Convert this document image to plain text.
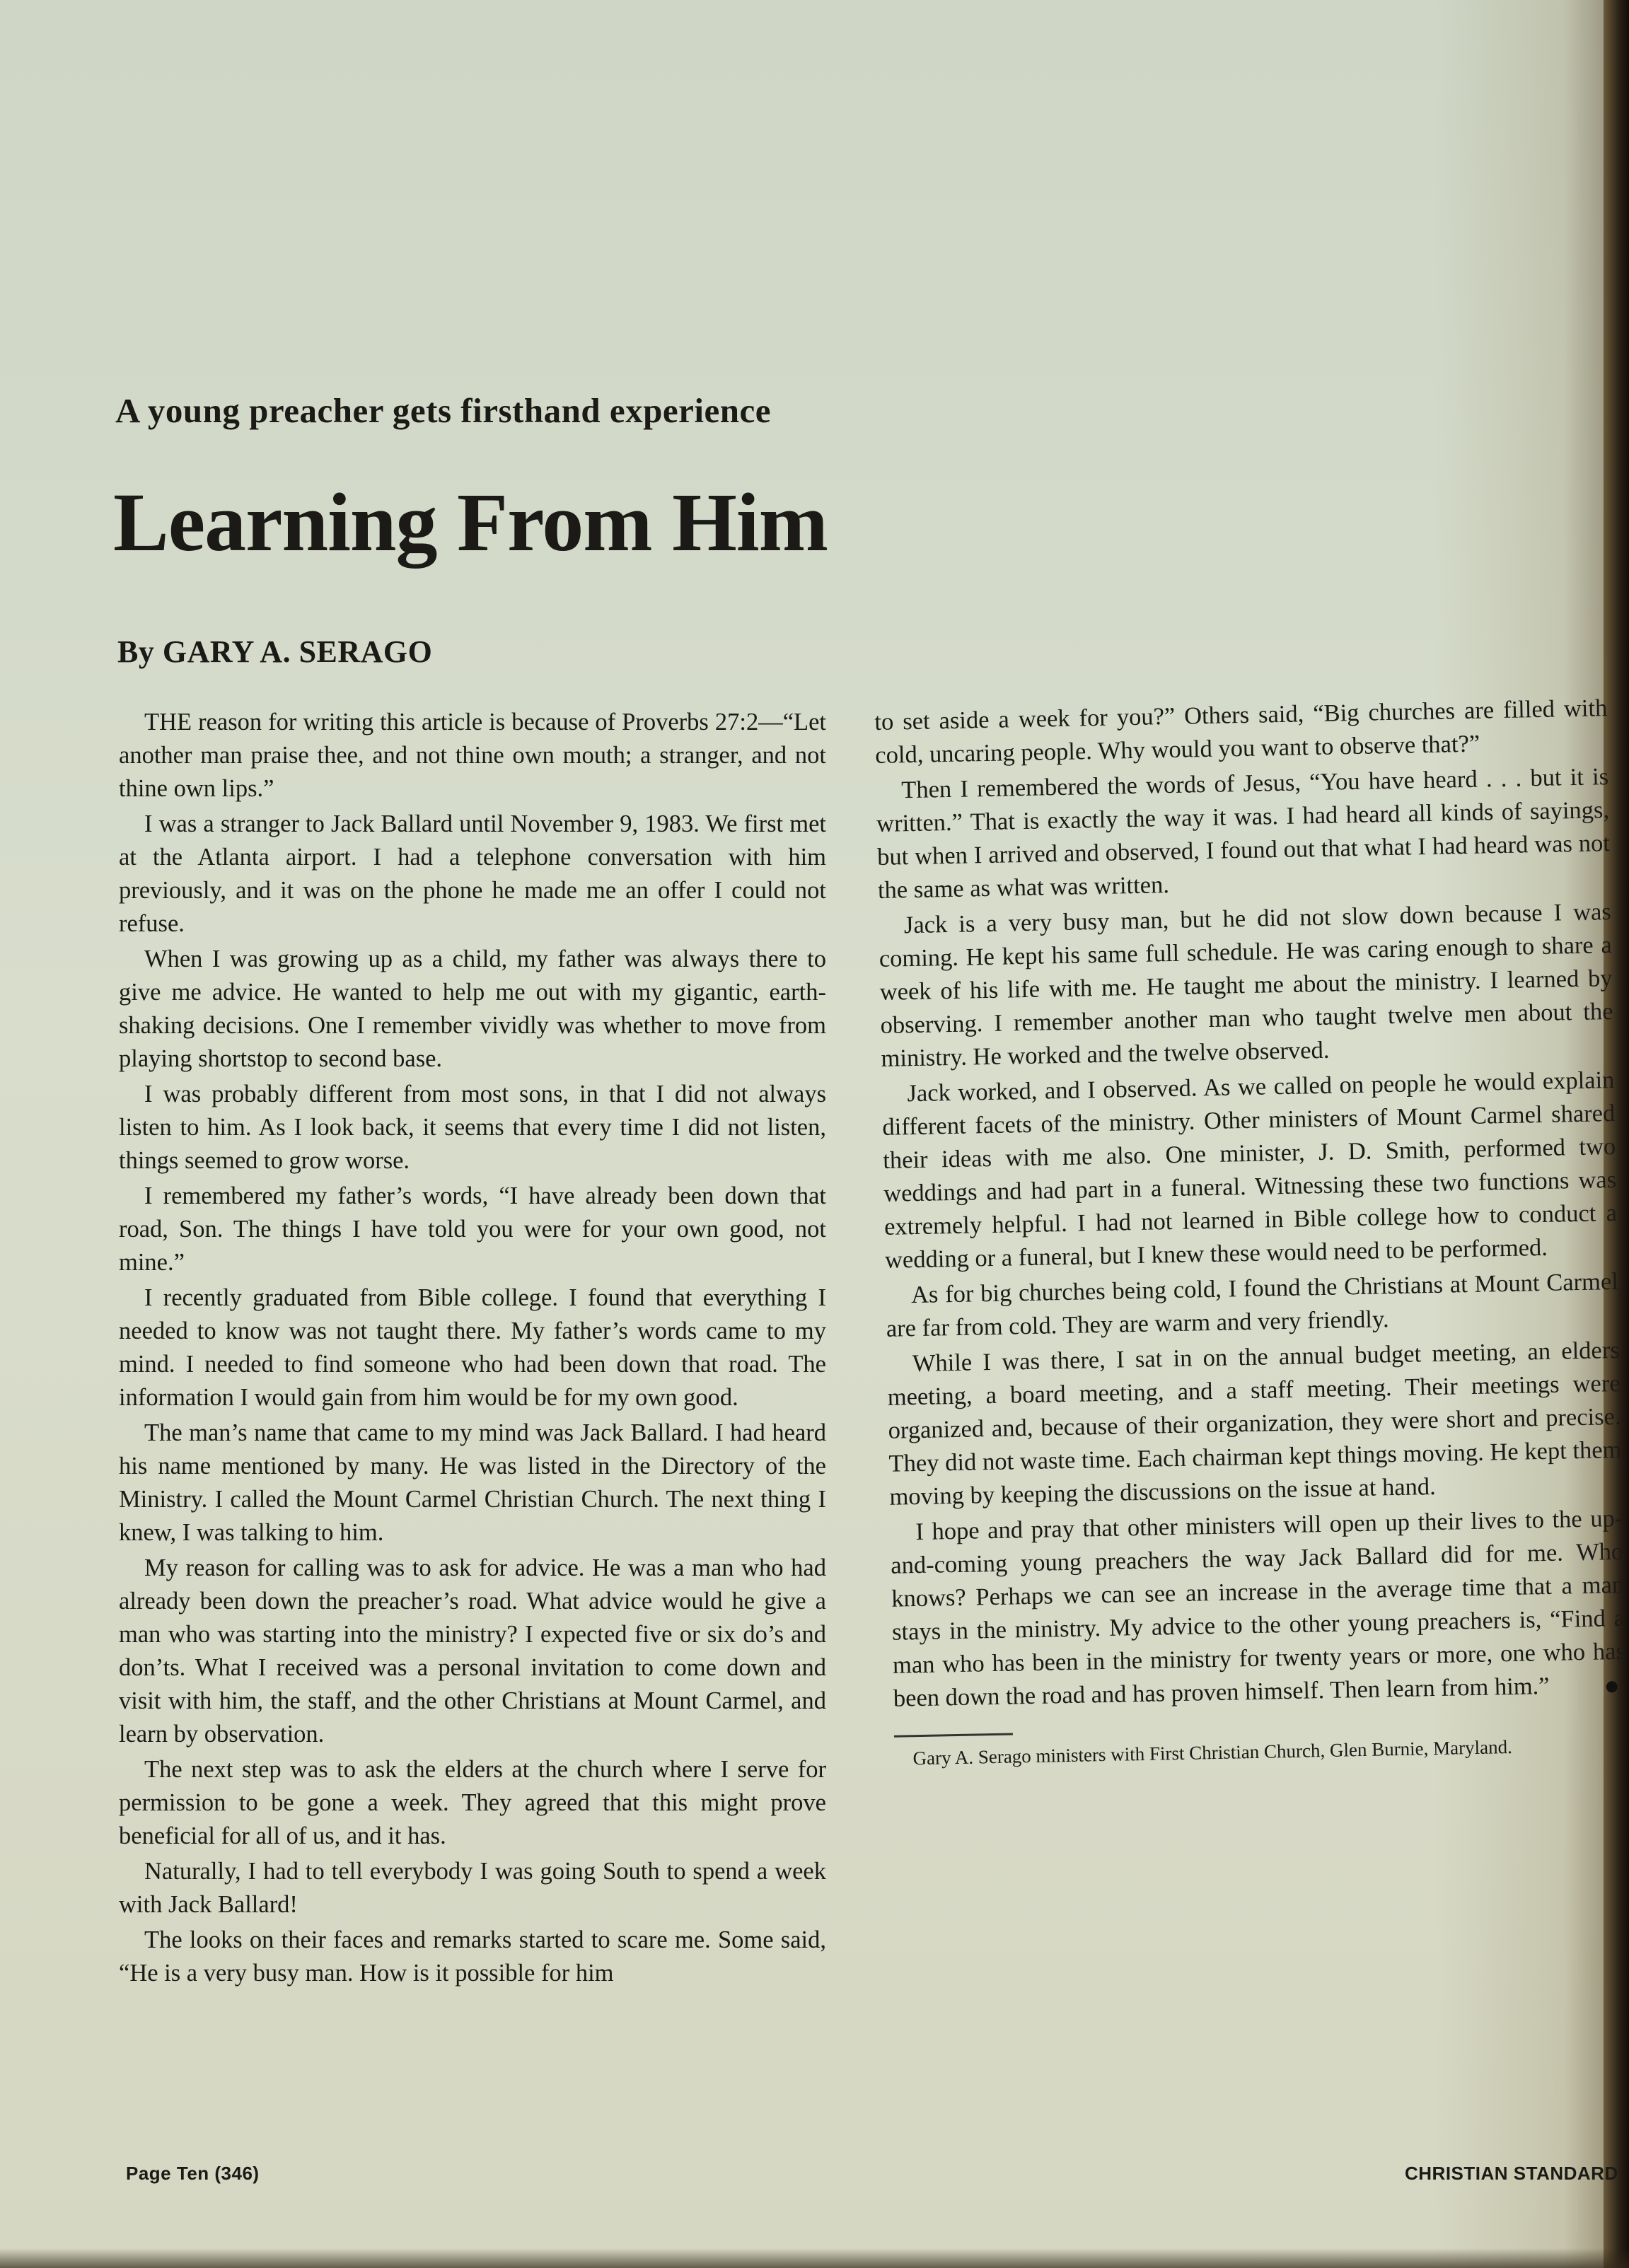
A young preacher gets firsthand experience
Learning From Him
By GARY A. SERAGO

THE reason for writing this article is because of Proverbs 27:2—“Let another man praise thee, and not thine own mouth; a stranger, and not thine own lips.”

I was a stranger to Jack Ballard until November 9, 1983. We first met at the Atlanta airport. I had a telephone conversation with him previously, and it was on the phone he made me an offer I could not refuse.

When I was growing up as a child, my father was always there to give me advice. He wanted to help me out with my gigantic, earth-shaking decisions. One I remember vividly was whether to move from playing shortstop to second base.

I was probably different from most sons, in that I did not always listen to him. As I look back, it seems that every time I did not listen, things seemed to grow worse.

I remembered my father’s words, “I have already been down that road, Son. The things I have told you were for your own good, not mine.”

I recently graduated from Bible college. I found that everything I needed to know was not taught there. My father’s words came to my mind. I needed to find someone who had been down that road. The information I would gain from him would be for my own good.

The man’s name that came to my mind was Jack Ballard. I had heard his name mentioned by many. He was listed in the Directory of the Ministry. I called the Mount Carmel Christian Church. The next thing I knew, I was talking to him.

My reason for calling was to ask for advice. He was a man who had already been down the preacher’s road. What advice would he give a man who was starting into the ministry? I expected five or six do’s and don’ts. What I received was a personal invitation to come down and visit with him, the staff, and the other Christians at Mount Carmel, and learn by observation.

The next step was to ask the elders at the church where I serve for permission to be gone a week. They agreed that this might prove beneficial for all of us, and it has.

Naturally, I had to tell everybody I was going South to spend a week with Jack Ballard!

The looks on their faces and remarks started to scare me. Some said, “He is a very busy man. How is it possible for him

to set aside a week for you?” Others said, “Big churches are filled with cold, uncaring people. Why would you want to observe that?”

Then I remembered the words of Jesus, “You have heard . . . but it is written.” That is exactly the way it was. I had heard all kinds of sayings, but when I arrived and observed, I found out that what I had heard was not the same as what was written.

Jack is a very busy man, but he did not slow down because I was coming. He kept his same full schedule. He was caring enough to share a week of his life with me. He taught me about the ministry. I learned by observing. I remember another man who taught twelve men about the ministry. He worked and the twelve observed.

Jack worked, and I observed. As we called on people he would explain different facets of the ministry. Other ministers of Mount Carmel shared their ideas with me also. One minister, J. D. Smith, performed two weddings and had part in a funeral. Witnessing these two functions was extremely helpful. I had not learned in Bible college how to conduct a wedding or a funeral, but I knew these would need to be performed.

As for big churches being cold, I found the Christians at Mount Carmel are far from cold. They are warm and very friendly.

While I was there, I sat in on the annual budget meeting, an elders meeting, a board meeting, and a staff meeting. Their meetings were organized and, because of their organization, they were short and precise. They did not waste time. Each chairman kept things moving. He kept them moving by keeping the discussions on the issue at hand.

I hope and pray that other ministers will open up their lives to the up-and-coming young preachers the way Jack Ballard did for me. Who knows? Perhaps we can see an increase in the average time that a man stays in the ministry. My advice to the other young preachers is, “Find a man who has been in the ministry for twenty years or more, one who has been down the road and has proven himself. Then learn from him.”

Gary A. Serago ministers with First Christian Church, Glen Burnie, Maryland.

Page Ten (346)	CHRISTIAN STANDARD
